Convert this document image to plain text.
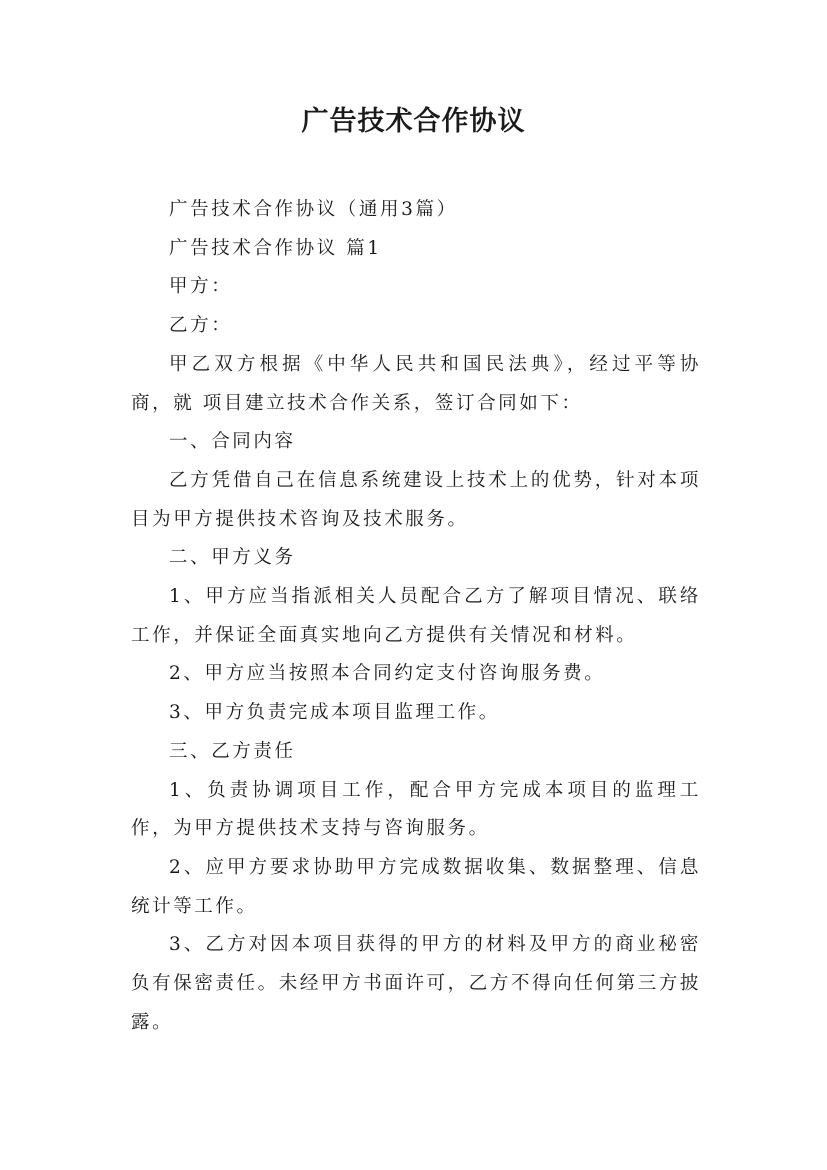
广告技术合作协议

广告技术合作协议（通用3篇）

广告技术合作协议 篇1

甲方：

乙方：

甲乙双方根据《中华人民共和国民法典》，经过平等协商，就 项目建立技术合作关系，签订合同如下：

一、合同内容

乙方凭借自己在信息系统建设上技术上的优势，针对本项目为甲方提供技术咨询及技术服务。

二、甲方义务

1、甲方应当指派相关人员配合乙方了解项目情况、联络工作，并保证全面真实地向乙方提供有关情况和材料。

2、甲方应当按照本合同约定支付咨询服务费。

3、甲方负责完成本项目监理工作。

三、乙方责任

1、负责协调项目工作，配合甲方完成本项目的监理工作，为甲方提供技术支持与咨询服务。

2、应甲方要求协助甲方完成数据收集、数据整理、信息统计等工作。

3、乙方对因本项目获得的甲方的材料及甲方的商业秘密负有保密责任。未经甲方书面许可，乙方不得向任何第三方披露。
